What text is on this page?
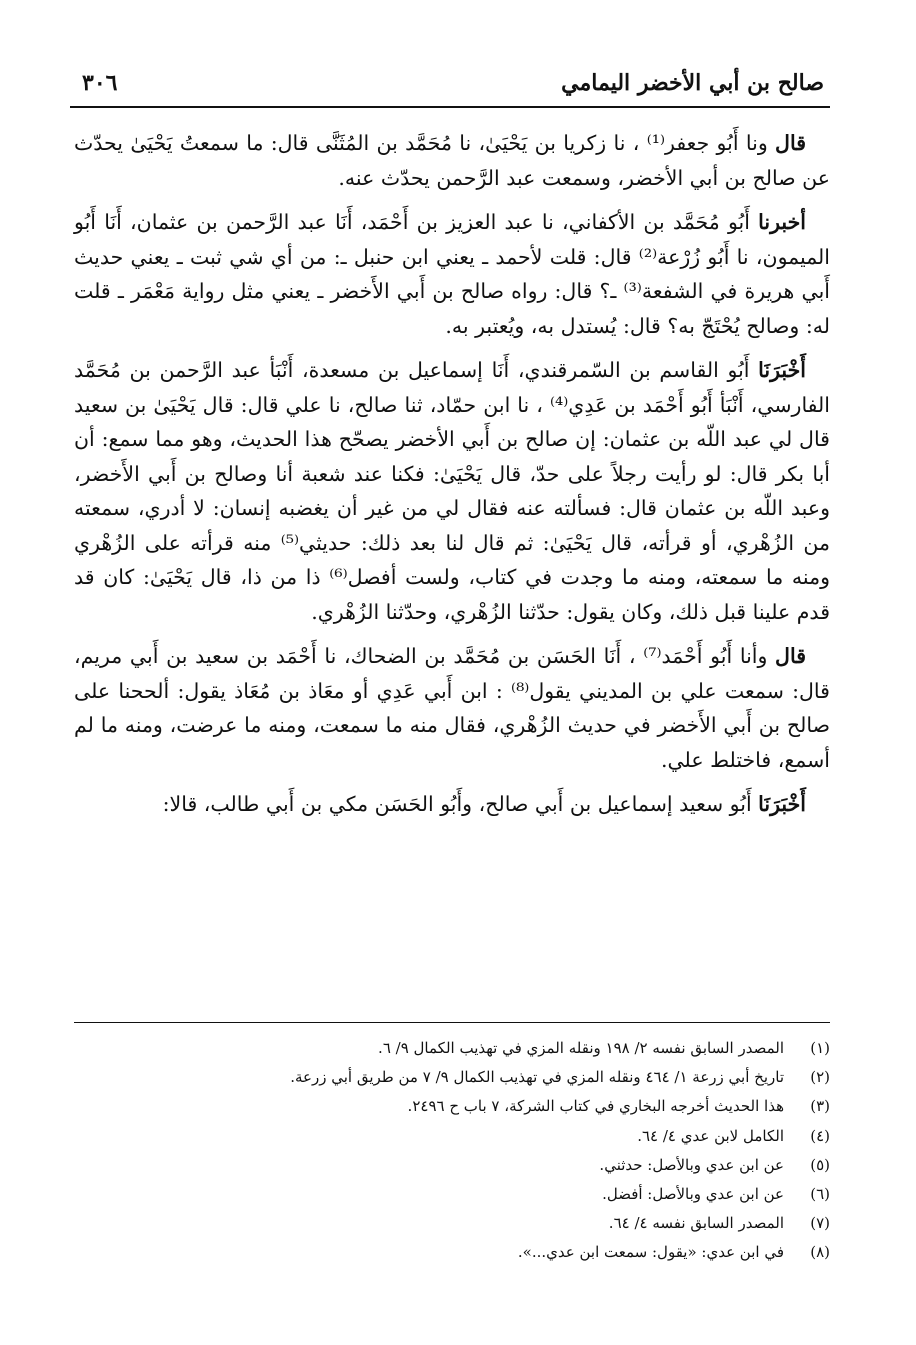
صالح بن أبي الأخضر اليمامي
٣٠٦

قال ونا أَبُو جعفر⁽¹⁾ ، نا زكريا بن يَحْيَىٰ، نا مُحَمَّد بن المُثَنَّى قال: ما سمعتُ يَحْيَىٰ يحدّث عن صالح بن أبي الأخضر، وسمعت عبد الرَّحمن يحدّث عنه.

أخبرنا أَبُو مُحَمَّد بن الأكفاني، نا عبد العزيز بن أَحْمَد، أَنَا عبد الرَّحمن بن عثمان، أَنَا أَبُو الميمون، نا أَبُو زُرْعة⁽²⁾ قال: قلت لأحمد ـ يعني ابن حنبل ـ: من أي شي ثبت ـ يعني حديث أَبي هريرة في الشفعة⁽³⁾ ـ؟ قال: رواه صالح بن أَبي الأَخضر ـ يعني مثل رواية مَعْمَر ـ قلت له: وصالح يُحْتَجّ به؟ قال: يُستدل به، ويُعتبر به.

أَخْبَرَنَا أَبُو القاسم بن السّمرقندي، أَنَا إسماعيل بن مسعدة، أَنْبَأ عبد الرَّحمن بن مُحَمَّد الفارسي، أَنْبَأ أَبُو أَحْمَد بن عَدِي⁽⁴⁾ ، نا ابن حمّاد، ثنا صالح، نا علي قال: قال يَحْيَىٰ بن سعيد قال لي عبد اللّه بن عثمان: إن صالح بن أَبي الأخضر يصحّح هذا الحديث، وهو مما سمع: أن أبا بكر قال: لو رأيت رجلاً على حدّ، قال يَحْيَىٰ: فكنا عند شعبة أنا وصالح بن أَبي الأَخضر، وعبد اللّه بن عثمان قال: فسألته عنه فقال لي من غير أن يغضبه إنسان: لا أدري، سمعته من الزُهْري، أو قرأته، قال يَحْيَىٰ: ثم قال لنا بعد ذلك: حديثي⁽⁵⁾ منه قرأته على الزُهْري ومنه ما سمعته، ومنه ما وجدت في كتاب، ولست أفصل⁽⁶⁾ ذا من ذا، قال يَحْيَىٰ: كان قد قدم علينا قبل ذلك، وكان يقول: حدّثنا الزُهْري، وحدّثنا الزُهْري.

قال وأنا أَبُو أَحْمَد⁽⁷⁾ ، أَنَا الحَسَن بن مُحَمَّد بن الضحاك، نا أَحْمَد بن سعيد بن أَبي مريم، قال: سمعت علي بن المديني يقول⁽⁸⁾ : ابن أَبي عَدِي أو معَاذ بن مُعَاذ يقول: ألححنا على صالح بن أَبي الأَخضر في حديث الزُهْري، فقال منه ما سمعت، ومنه ما عرضت، ومنه ما لم أسمع، فاختلط علي.

أَخْبَرَنَا أَبُو سعيد إسماعيل بن أَبي صالح، وأَبُو الحَسَن مكي بن أَبي طالب، قالا:

(١)
المصدر السابق نفسه ٢/ ١٩٨ ونقله المزي في تهذيب الكمال ٩/ ٦.
(٢)
تاريخ أبي زرعة ١/ ٤٦٤ ونقله المزي في تهذيب الكمال ٩/ ٧ من طريق أبي زرعة.
(٣)
هذا الحديث أخرجه البخاري في كتاب الشركة، ٧ باب ح ٢٤٩٦.
(٤)
الكامل لابن عدي ٤/ ٦٤.
(٥)
عن ابن عدي وبالأصل: حدثني.
(٦)
عن ابن عدي وبالأصل: أفضل.
(٧)
المصدر السابق نفسه ٤/ ٦٤.
(٨)
في ابن عدي: «يقول: سمعت ابن عدي...».
